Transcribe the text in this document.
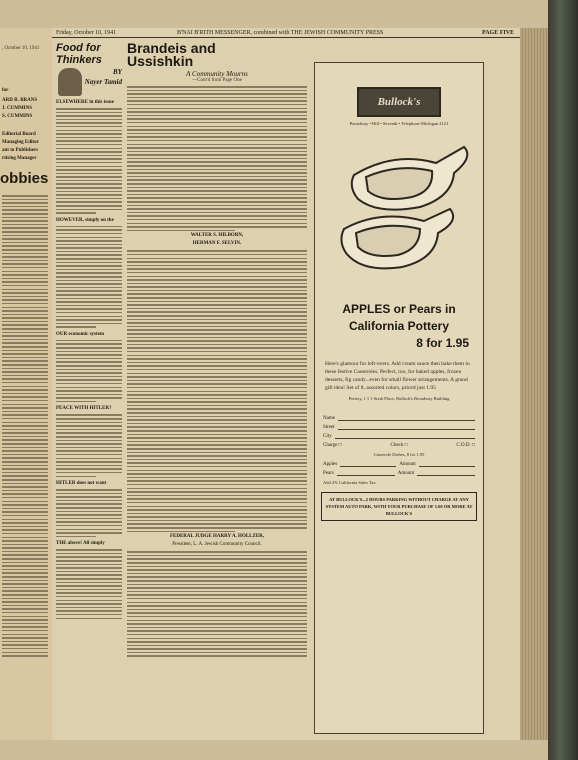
, October 10, 1941
for
ARD R. BRANS
J. CUMMINS
S. CUMMINS
Editorial Board
Managing Editor
ant to Publishers
rtising Manager
obbies
Friday, October 10, 1941	B'NAI B'RITH MESSENGER, combined with THE JEWISH COMMUNITY PRESS	PAGE FIVE
Food for Thinkers
BY
Nayer Tamid
ELSEWHERE in this issue
HOWEVER, simply on the
OUR economic system
PEACE WITH HITLER?
HITLER does not want
THE above! All simply
Brandeis and
Ussishkin
A Community Mourns
—Cont'd from Page One
WALTER S. HILBORN,
HERMAN F. SELVIN.
FEDERAL JUDGE HARRY A. HOLLZER,
President, L. A. Jewish Community Council.
Bullock's
Broadway • Hill • Seventh • Telephone Michigan 2121
APPLES or Pears in
California Pottery
8 for 1.95
Here's glamour for left-overs. Add cream sauce then bake them in these festive Casseroles. Perfect, too, for baked apples, frozen desserts, fig candy...even for small flower arrangements. A grand gift idea! Set of 8, assorted colors, priced just 1.95
Pottery, 1 1 1 Sixth Floor, Bullock's Broadway Building
Name
Street
City
Charge □	Check □	C.O.D. □
Casserole Dishes, 8 for 1.95
Apples	Amount
Pears	Amount
Add 2% California Sales Tax
AT BULLOCK'S...2 HOURS PARKING WITHOUT CHARGE AT ANY SYSTEM AUTO PARK, WITH YOUR PURCHASE OF 1.00 OR MORE AT BULLOCK'S
